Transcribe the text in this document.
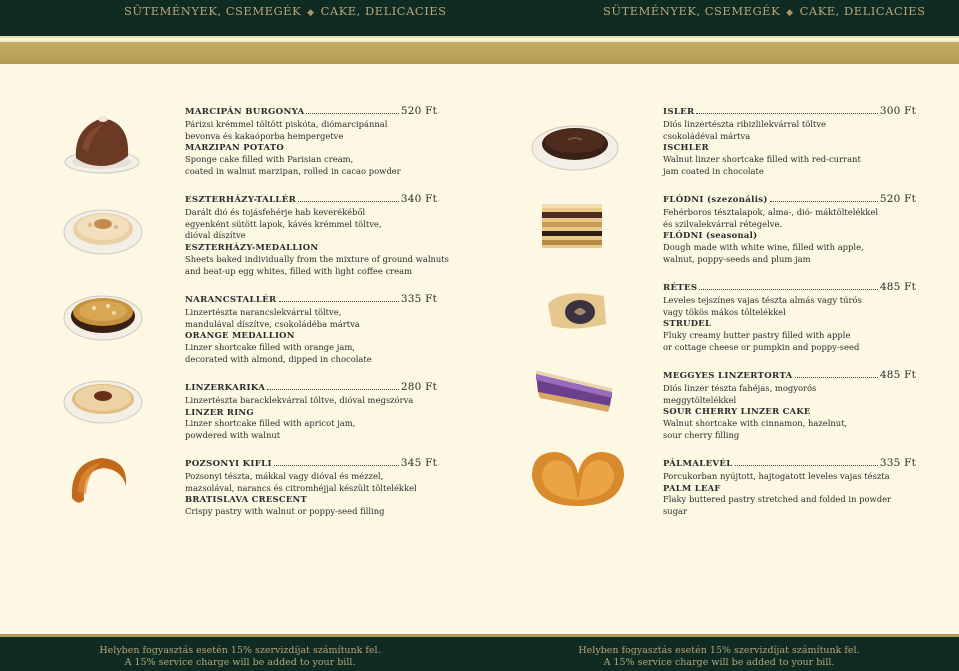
SÜTEMÉNYEK, CSEMEGÉK ◆ CAKE, DELICACIES	SÜTEMÉNYEK, CSEMEGÉK ◆ CAKE, DELICACIES
MARCIPÁN BURGONYA	520 Ft
Párizsi krémmel töltött piskóta, diómarcipánnal
bevonva és kakaóporba hempergetve
MARZIPAN POTATO
Sponge cake filled with Parisian cream,
coated in walnut marzipan, rolled in cacao powder
ESZTERHÁZY-TALLÉR	340 Ft
Darált dió és tojásfehérje hab keverékéből
egyenként sütött lapok, kávés krémmel töltve,
dióval díszítve
ESZTERHÁZY-MEDALLION
Sheets baked individually from the mixture of ground walnuts
and beat-up egg whites, filled with light coffee cream
NARANCSTALLÉR	335 Ft
Linzertészta narancslekvárral töltve,
mandulával díszítve, csokoládéba mártva
ORANGE MEDALLION
Linzer shortcake filled with orange jam,
decorated with almond, dipped in chocolate
LINZERKARIKA	280 Ft
Linzertészta baracklekvárral töltve, dióval megszórva
LINZER RING
Linzer shortcake filled with apricot jam,
powdered with walnut
POZSONYI KIFLI	345 Ft
Pozsonyi tészta, mákkal vagy dióval és mézzel,
mazsolával, narancs és citromhéjjal készült töltelékkel
BRATISLAVA CRESCENT
Crispy pastry with walnut or poppy-seed filling
ISLER	300 Ft
Diós linzertészta ribizlilekvárral töltve
csokoládéval mártva
ISCHLER
Walnut linzer shortcake filled with red-currant
jam coated in chocolate
FLÓDNI (szezonális)	520 Ft
Fehérboros tésztalapok, alma-, dió- máktöltelékkel
és szilvalekvárral rétegelve.
FLÓDNI (seasonal)
Dough made with white wine, filled with apple,
walnut, poppy-seeds and plum jam
RÉTES	485 Ft
Leveles tejszínes vajas tészta almás vagy túrós
vagy tökös mákos töltelékkel
STRUDEL
Fluky creamy butter pastry filled with apple
or cottage cheese or pumpkin and poppy-seed
MEGGYES LINZERTORTA	485 Ft
Diós linzer tészta fahéjas, mogyorós
meggytöltelékkel
SOUR CHERRY LINZER CAKE
Walnut shortcake with cinnamon, hazelnut,
sour cherry filling
PÁLMALEVÉL	335 Ft
Porcukorban nyújtott, hajtogatott leveles vajas tészta
PALM LEAF
Flaky buttered pastry stretched and folded in powder
sugar
Helyben fogyasztás esetén 15% szervizdíjat számítunk fel.
A 15% service charge will be added to your bill.
Helyben fogyasztás esetén 15% szervizdíjat számítunk fel.
A 15% service charge will be added to your bill.
